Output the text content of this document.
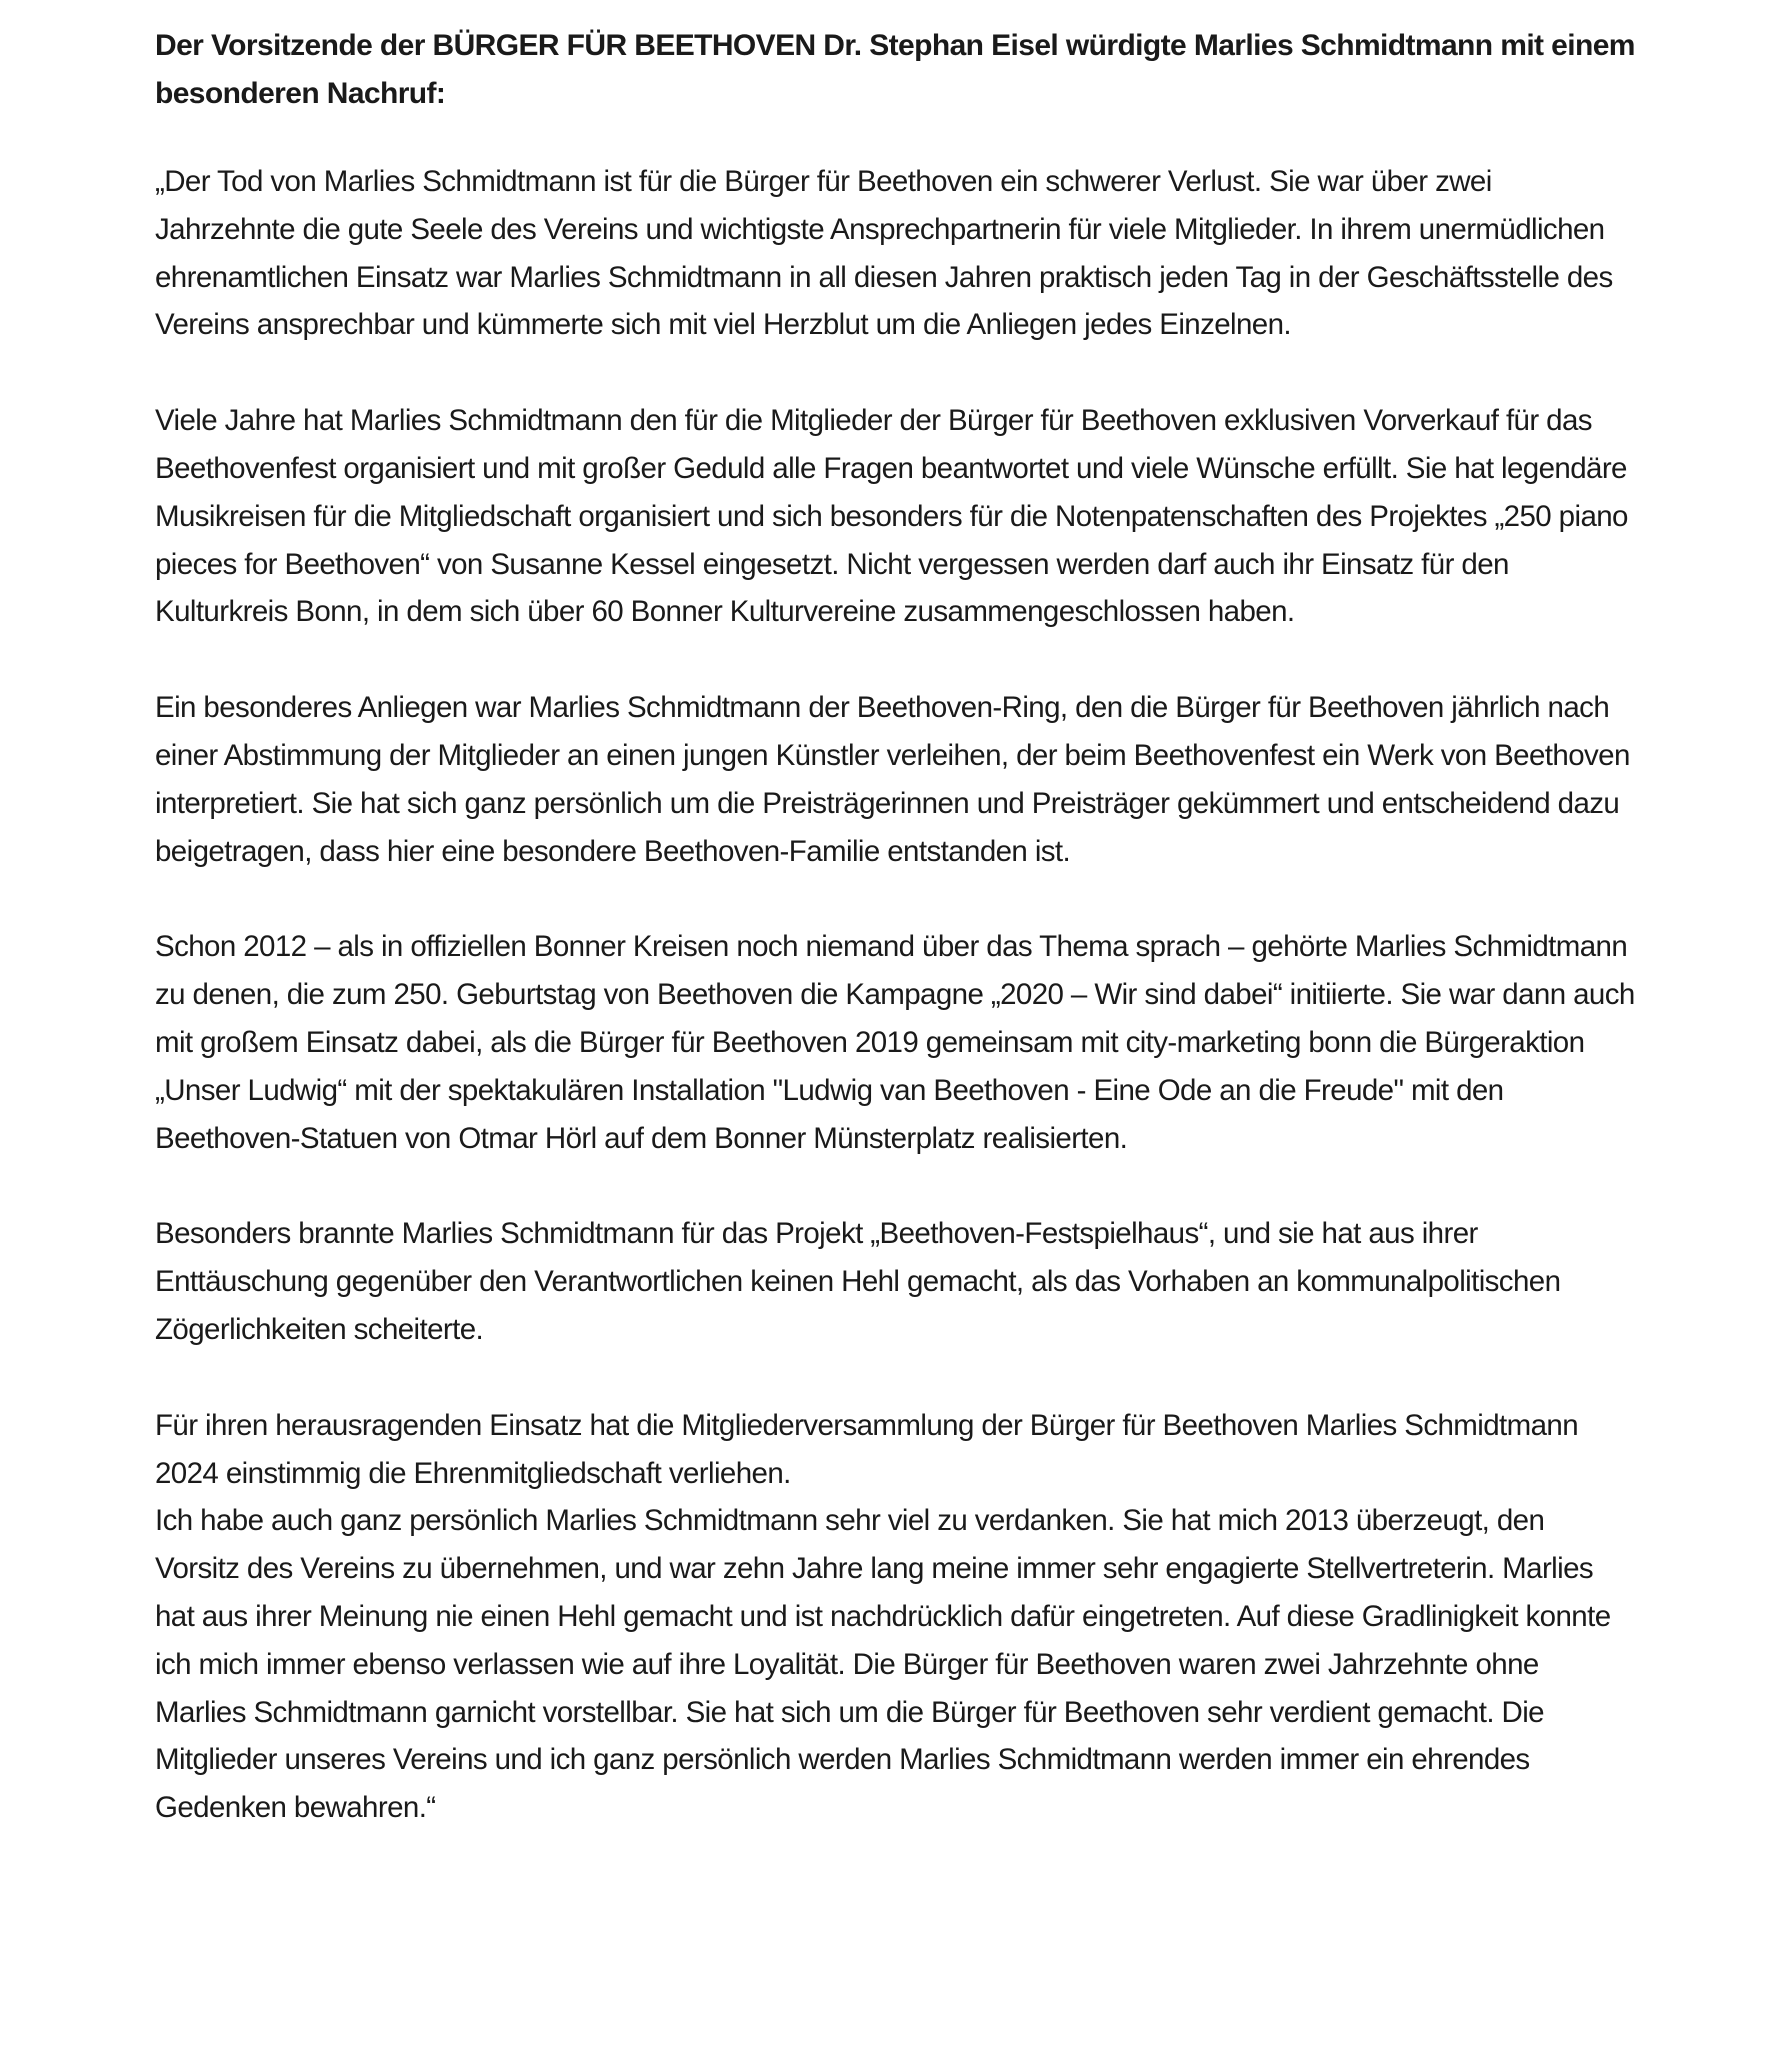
Der Vorsitzende der BÜRGER FÜR BEETHOVEN Dr. Stephan Eisel würdigte Marlies Schmidtmann mit einem besonderen Nachruf:

„Der Tod von Marlies Schmidtmann ist für die Bürger für Beethoven ein schwerer Verlust. Sie war über zwei Jahrzehnte die gute Seele des Vereins und wichtigste Ansprechpartnerin für viele Mitglieder. In ihrem unermüdlichen ehrenamtlichen Einsatz war Marlies Schmidtmann in all diesen Jahren praktisch jeden Tag in der Geschäftsstelle des Vereins ansprechbar und kümmerte sich mit viel Herzblut um die Anliegen jedes Einzelnen.

Viele Jahre hat Marlies Schmidtmann den für die Mitglieder der Bürger für Beethoven exklusiven Vorverkauf für das Beethovenfest organisiert und mit großer Geduld alle Fragen beantwortet und viele Wünsche erfüllt. Sie hat legendäre Musikreisen für die Mitgliedschaft organisiert und sich besonders für die Notenpatenschaften des Projektes „250 piano pieces for Beethoven“ von Susanne Kessel eingesetzt. Nicht vergessen werden darf auch ihr Einsatz für den Kulturkreis Bonn, in dem sich über 60 Bonner Kulturvereine zusammengeschlossen haben.

Ein besonderes Anliegen war Marlies Schmidtmann der Beethoven-Ring, den die Bürger für Beethoven jährlich nach einer Abstimmung der Mitglieder an einen jungen Künstler verleihen, der beim Beethovenfest ein Werk von Beethoven interpretiert. Sie hat sich ganz persönlich um die Preisträgerinnen und Preisträger gekümmert und entscheidend dazu beigetragen, dass hier eine besondere Beethoven-Familie entstanden ist.

Schon 2012 – als in offiziellen Bonner Kreisen noch niemand über das Thema sprach – gehörte Marlies Schmidtmann zu denen, die zum 250. Geburtstag von Beethoven die Kampagne „2020 – Wir sind dabei“ initiierte. Sie war dann auch mit großem Einsatz dabei, als die Bürger für Beethoven 2019 gemeinsam mit city-marketing bonn die Bürgeraktion „Unser Ludwig“ mit der spektakulären Installation "Ludwig van Beethoven - Eine Ode an die Freude" mit den Beethoven-Statuen von Otmar Hörl auf dem Bonner Münsterplatz realisierten.

Besonders brannte Marlies Schmidtmann für das Projekt „Beethoven-Festspielhaus“, und sie hat aus ihrer Enttäuschung gegenüber den Verantwortlichen keinen Hehl gemacht, als das Vorhaben an kommunalpolitischen Zögerlichkeiten scheiterte.

Für ihren herausragenden Einsatz hat die Mitgliederversammlung der Bürger für Beethoven Marlies Schmidtmann 2024 einstimmig die Ehrenmitgliedschaft verliehen.

Ich habe auch ganz persönlich Marlies Schmidtmann sehr viel zu verdanken. Sie hat mich 2013 überzeugt, den Vorsitz des Vereins zu übernehmen, und war zehn Jahre lang meine immer sehr engagierte Stellvertreterin. Marlies hat aus ihrer Meinung nie einen Hehl gemacht und ist nachdrücklich dafür eingetreten. Auf diese Gradlinigkeit konnte ich mich immer ebenso verlassen wie auf ihre Loyalität. Die Bürger für Beethoven waren zwei Jahrzehnte ohne Marlies Schmidtmann garnicht vorstellbar. Sie hat sich um die Bürger für Beethoven sehr verdient gemacht. Die Mitglieder unseres Vereins und ich ganz persönlich werden Marlies Schmidtmann werden immer ein ehrendes Gedenken bewahren.“
